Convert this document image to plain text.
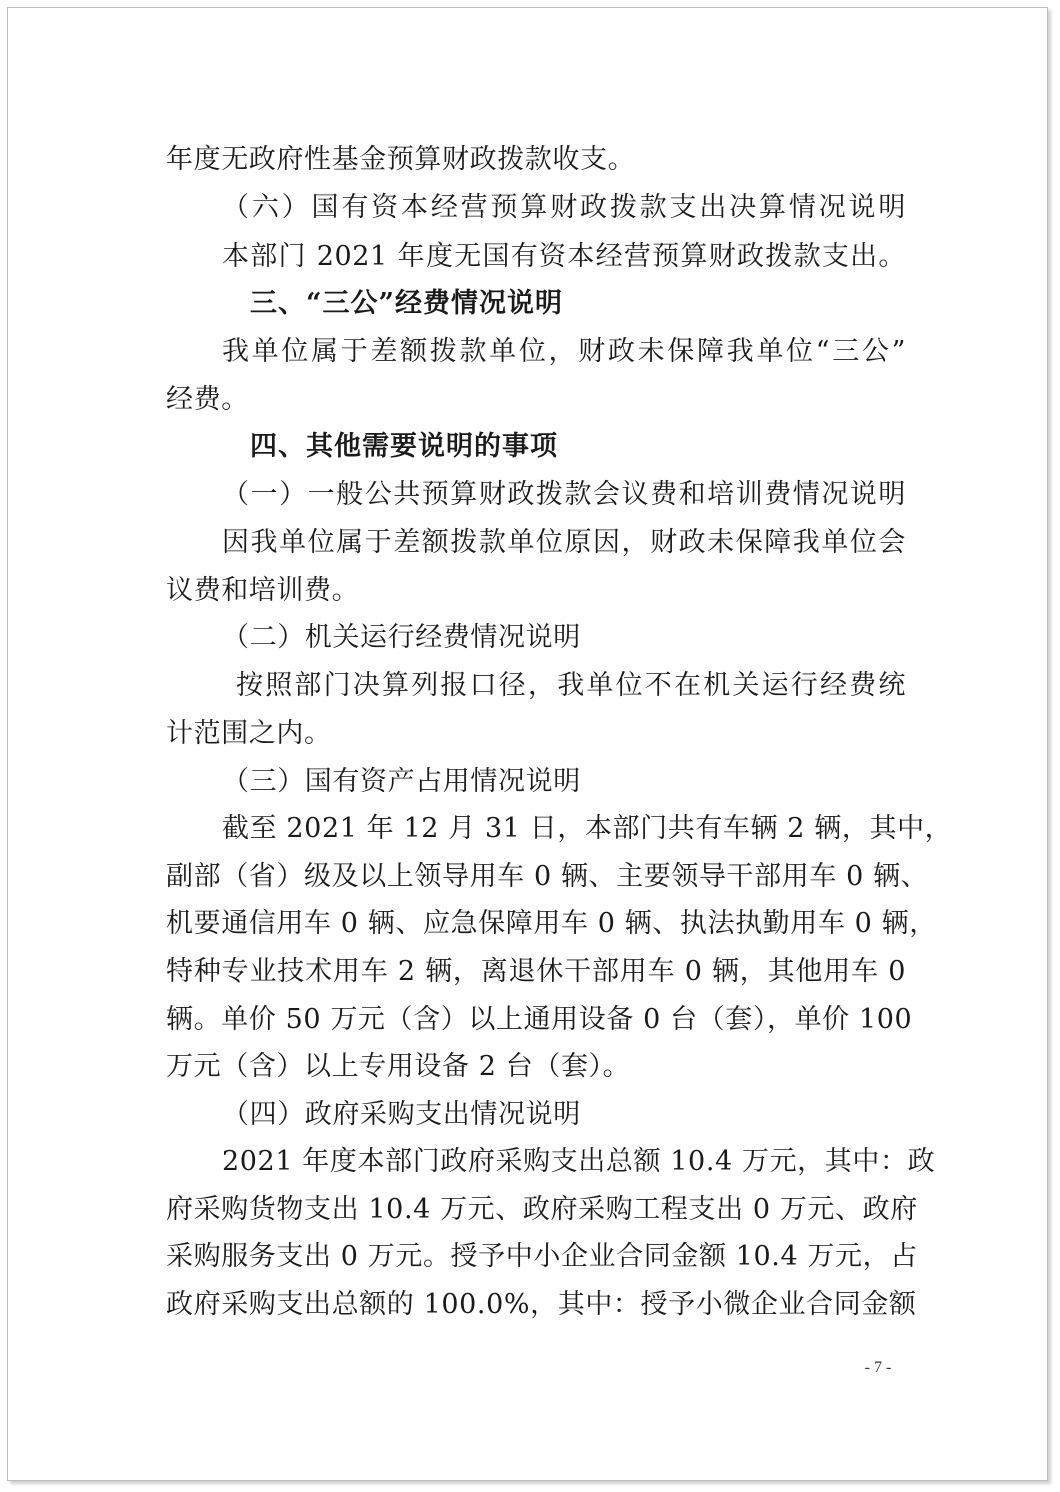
年度无政府性基金预算财政拨款收支。
（六）国有资本经营预算财政拨款支出决算情况说明
本部门 2021 年度无国有资本经营预算财政拨款支出。
三、“三公”经费情况说明
我单位属于差额拨款单位，财政未保障我单位“三公”
经费。
四、其他需要说明的事项
（一）一般公共预算财政拨款会议费和培训费情况说明
因我单位属于差额拨款单位原因，财政未保障我单位会
议费和培训费。
（二）机关运行经费情况说明
按照部门决算列报口径，我单位不在机关运行经费统
计范围之内。
（三）国有资产占用情况说明
截至 2021 年 12 月 31 日，本部门共有车辆 2 辆，其中，
副部（省）级及以上领导用车 0 辆、主要领导干部用车 0 辆、
机要通信用车 0 辆、应急保障用车 0 辆、执法执勤用车 0 辆，
特种专业技术用车 2 辆，离退休干部用车 0 辆，其他用车 0
辆。单价 50 万元（含）以上通用设备 0 台（套），单价 100
万元（含）以上专用设备 2 台（套）。
（四）政府采购支出情况说明
2021 年度本部门政府采购支出总额 10.4 万元，其中：政
府采购货物支出 10.4 万元、政府采购工程支出 0 万元、政府
采购服务支出 0 万元。授予中小企业合同金额 10.4 万元，占
政府采购支出总额的 100.0%，其中：授予小微企业合同金额
- 7 -
